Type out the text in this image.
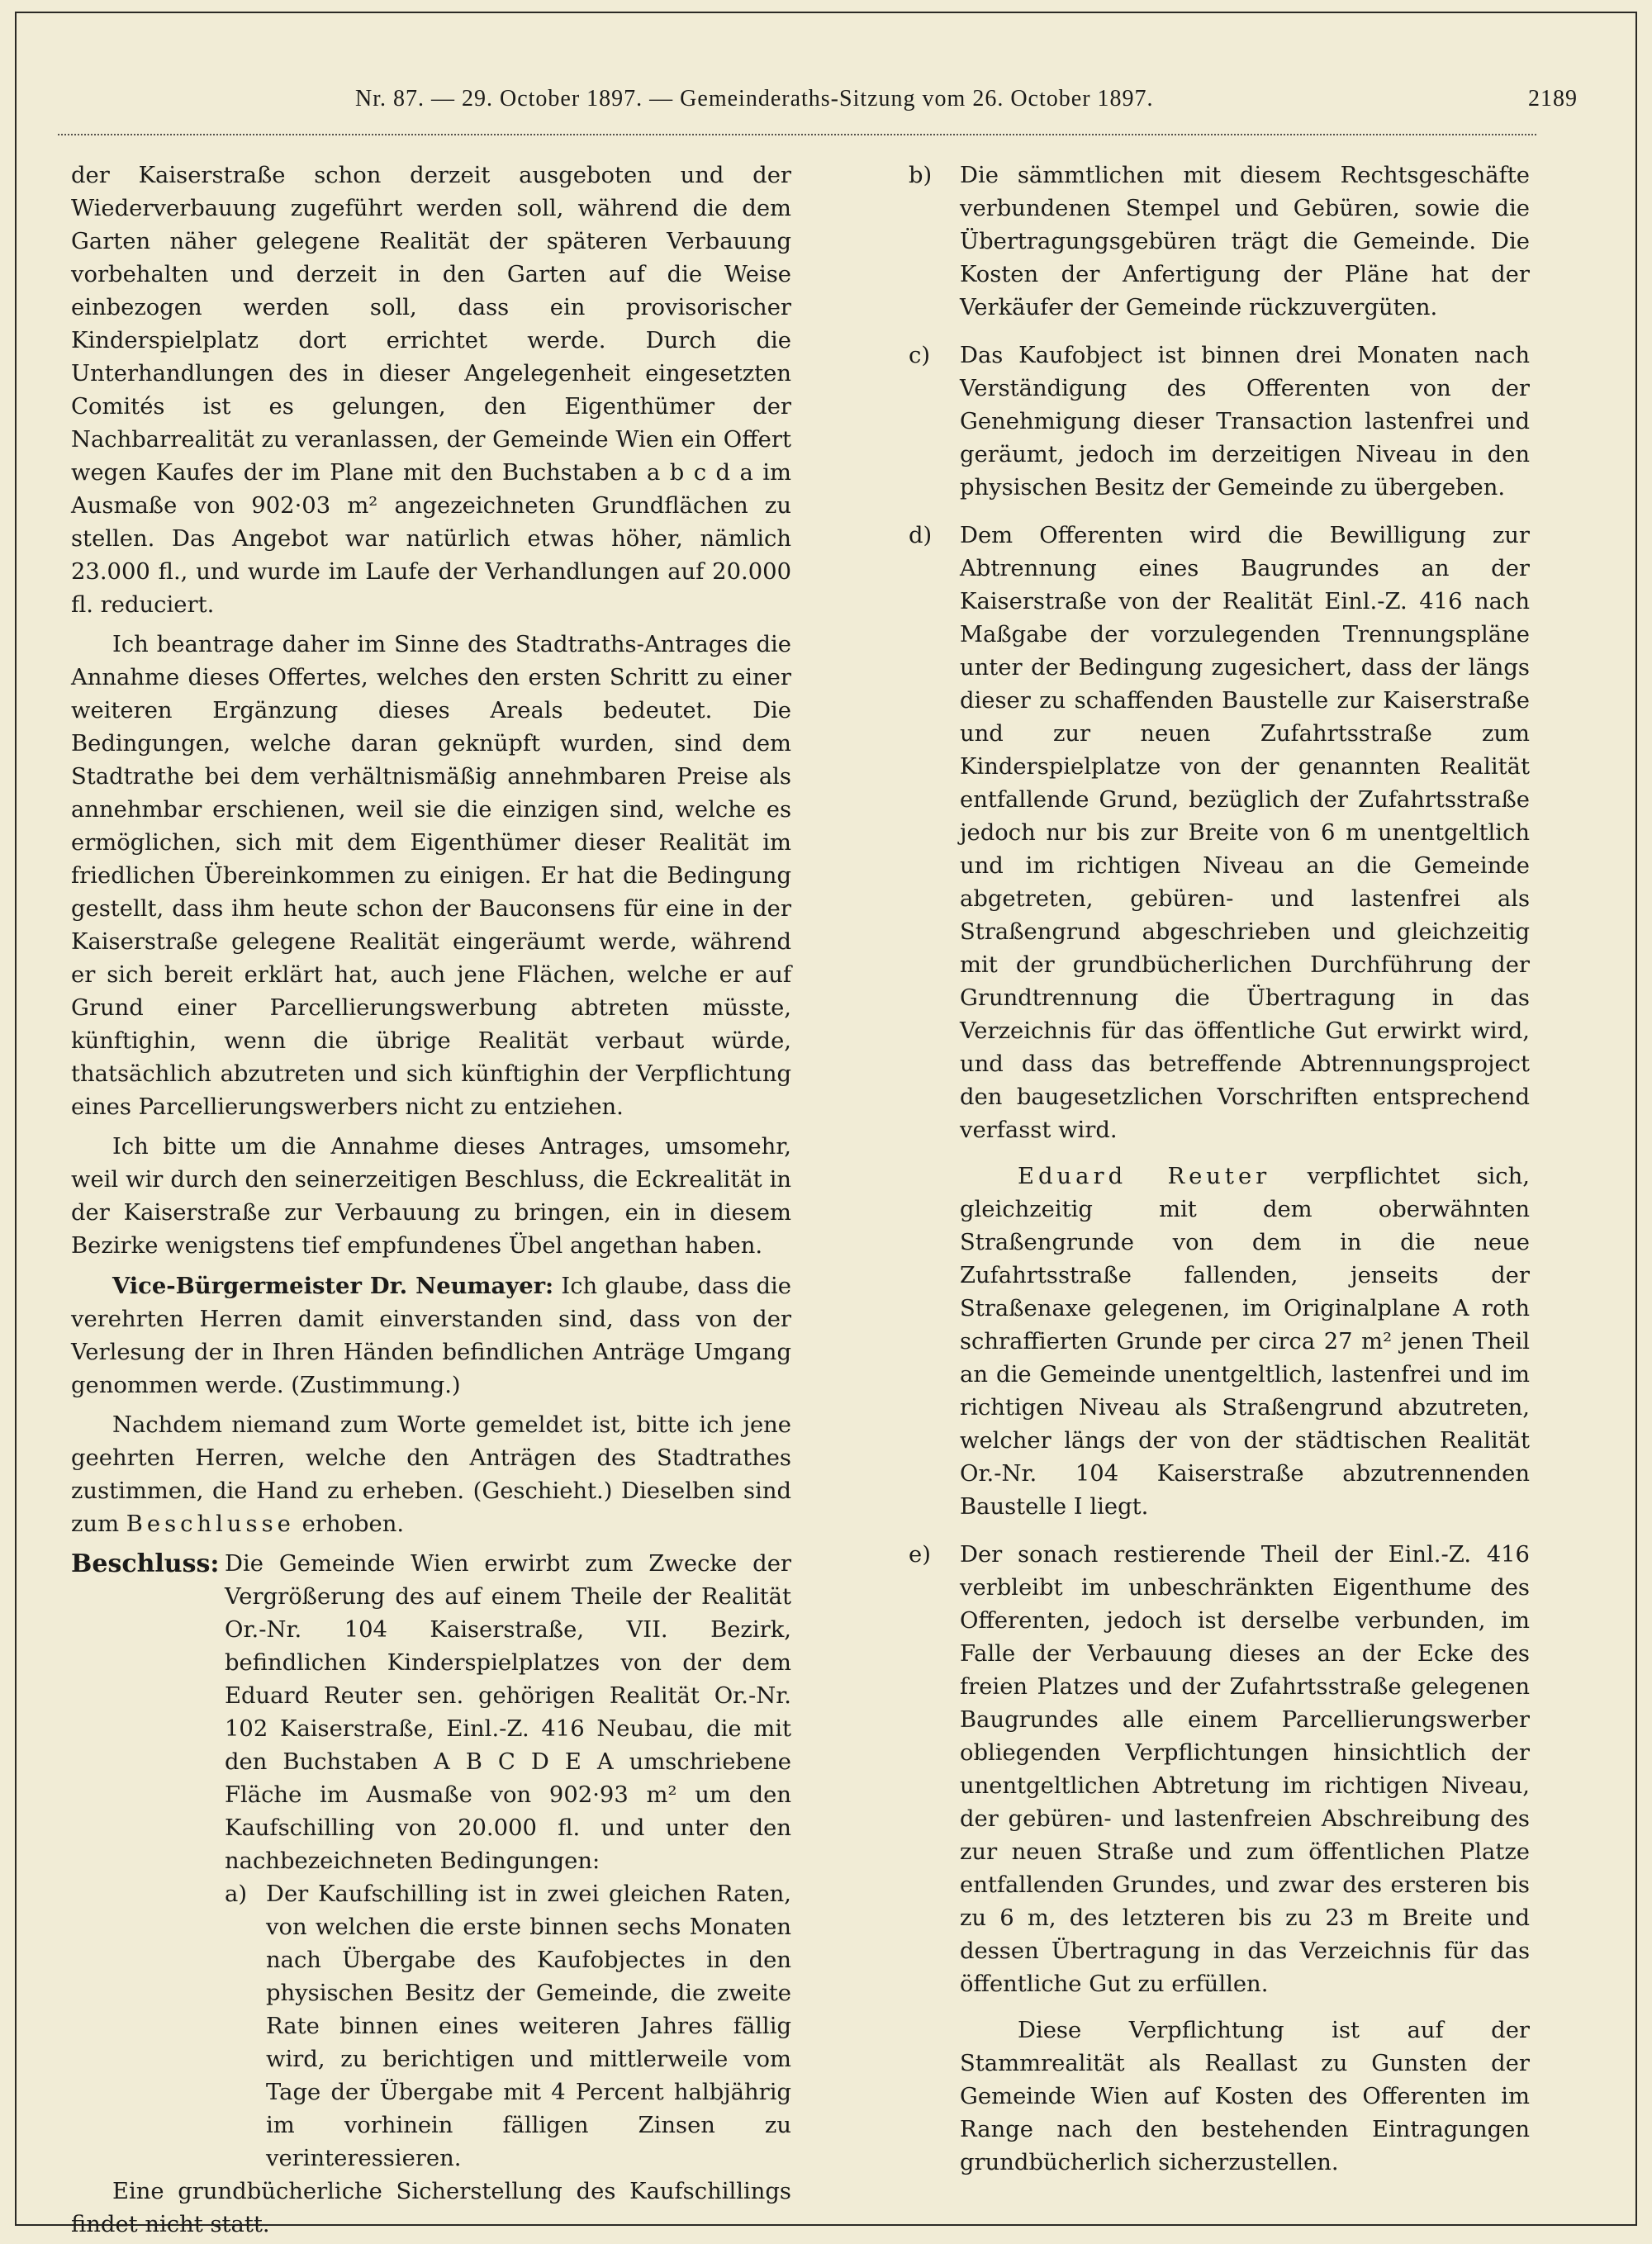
Nr. 87. — 29. October 1897. — Gemeinderaths-Sitzung vom 26. October 1897.	2189

der Kaiserstraße schon derzeit ausgeboten und der Wiederverbauung zugeführt werden soll, während die dem Garten näher gelegene Realität der späteren Verbauung vorbehalten und derzeit in den Garten auf die Weise einbezogen werden soll, dass ein provisorischer Kinderspielplatz dort errichtet werde. Durch die Unterhandlungen des in dieser Angelegenheit eingesetzten Comités ist es gelungen, den Eigenthümer der Nachbarrealität zu veranlassen, der Gemeinde Wien ein Offert wegen Kaufes der im Plane mit den Buchstaben a b c d a im Ausmaße von 902·03 m² angezeichneten Grundflächen zu stellen. Das Angebot war natürlich etwas höher, nämlich 23.000 fl., und wurde im Laufe der Verhandlungen auf 20.000 fl. reduciert.

Ich beantrage daher im Sinne des Stadtraths-Antrages die Annahme dieses Offertes, welches den ersten Schritt zu einer weiteren Ergänzung dieses Areals bedeutet. Die Bedingungen, welche daran geknüpft wurden, sind dem Stadtrathe bei dem verhältnismäßig annehmbaren Preise als annehmbar erschienen, weil sie die einzigen sind, welche es ermöglichen, sich mit dem Eigenthümer dieser Realität im friedlichen Übereinkommen zu einigen. Er hat die Bedingung gestellt, dass ihm heute schon der Bauconsens für eine in der Kaiserstraße gelegene Realität eingeräumt werde, während er sich bereit erklärt hat, auch jene Flächen, welche er auf Grund einer Parcellierungswerbung abtreten müsste, künftighin, wenn die übrige Realität verbaut würde, thatsächlich abzutreten und sich künftighin der Verpflichtung eines Parcellierungswerbers nicht zu entziehen.

Ich bitte um die Annahme dieses Antrages, umsomehr, weil wir durch den seinerzeitigen Beschluss, die Eckrealität in der Kaiserstraße zur Verbauung zu bringen, ein in diesem Bezirke wenigstens tief empfundenes Übel angethan haben.

Vice-Bürgermeister Dr. Neumayer: Ich glaube, dass die verehrten Herren damit einverstanden sind, dass von der Verlesung der in Ihren Händen befindlichen Anträge Umgang genommen werde. (Zustimmung.)

Nachdem niemand zum Worte gemeldet ist, bitte ich jene geehrten Herren, welche den Anträgen des Stadtrathes zustimmen, die Hand zu erheben. (Geschieht.) Dieselben sind zum Beschlusse erhoben.

Beschluss: Die Gemeinde Wien erwirbt zum Zwecke der Vergrößerung des auf einem Theile der Realität Or.-Nr. 104 Kaiserstraße, VII. Bezirk, befindlichen Kinderspielplatzes von der dem Eduard Reuter sen. gehörigen Realität Or.-Nr. 102 Kaiserstraße, Einl.-Z. 416 Neubau, die mit den Buchstaben A B C D E A umschriebene Fläche im Ausmaße von 902·93 m² um den Kaufschilling von 20.000 fl. und unter den nachbezeichneten Bedingungen:
a) Der Kaufschilling ist in zwei gleichen Raten, von welchen die erste binnen sechs Monaten nach Übergabe des Kaufobjectes in den physischen Besitz der Gemeinde, die zweite Rate binnen eines weiteren Jahres fällig wird, zu berichtigen und mittlerweile vom Tage der Übergabe mit 4 Percent halbjährig im vorhinein fälligen Zinsen zu verinteressieren.

Eine grundbücherliche Sicherstellung des Kaufschillings findet nicht statt.

b) Die sämmtlichen mit diesem Rechtsgeschäfte verbundenen Stempel und Gebüren, sowie die Übertragungsgebüren trägt die Gemeinde. Die Kosten der Anfertigung der Pläne hat der Verkäufer der Gemeinde rückzuvergüten.

c) Das Kaufobject ist binnen drei Monaten nach Verständigung des Offerenten von der Genehmigung dieser Transaction lastenfrei und geräumt, jedoch im derzeitigen Niveau in den physischen Besitz der Gemeinde zu übergeben.

d) Dem Offerenten wird die Bewilligung zur Abtrennung eines Baugrundes an der Kaiserstraße von der Realität Einl.-Z. 416 nach Maßgabe der vorzulegenden Trennungspläne unter der Bedingung zugesichert, dass der längs dieser zu schaffenden Baustelle zur Kaiserstraße und zur neuen Zufahrtsstraße zum Kinderspielplatze von der genannten Realität entfallende Grund, bezüglich der Zufahrtsstraße jedoch nur bis zur Breite von 6 m unentgeltlich und im richtigen Niveau an die Gemeinde abgetreten, gebüren- und lastenfrei als Straßengrund abgeschrieben und gleichzeitig mit der grundbücherlichen Durchführung der Grundtrennung die Übertragung in das Verzeichnis für das öffentliche Gut erwirkt wird, und dass das betreffende Abtrennungsproject den baugesetzlichen Vorschriften entsprechend verfasst wird.

Eduard Reuter verpflichtet sich, gleichzeitig mit dem oberwähnten Straßengrunde von dem in die neue Zufahrtsstraße fallenden, jenseits der Straßenaxe gelegenen, im Originalplane A roth schraffierten Grunde per circa 27 m² jenen Theil an die Gemeinde unentgeltlich, lastenfrei und im richtigen Niveau als Straßengrund abzutreten, welcher längs der von der städtischen Realität Or.-Nr. 104 Kaiserstraße abzutrennenden Baustelle I liegt.

e) Der sonach restierende Theil der Einl.-Z. 416 verbleibt im unbeschränkten Eigenthume des Offerenten, jedoch ist derselbe verbunden, im Falle der Verbauung dieses an der Ecke des freien Platzes und der Zufahrtsstraße gelegenen Baugrundes alle einem Parcellierungswerber obliegenden Verpflichtungen hinsichtlich der unentgeltlichen Abtretung im richtigen Niveau, der gebüren- und lastenfreien Abschreibung des zur neuen Straße und zum öffentlichen Platze entfallenden Grundes, und zwar des ersteren bis zu 6 m, des letzteren bis zu 23 m Breite und dessen Übertragung in das Verzeichnis für das öffentliche Gut zu erfüllen.

Diese Verpflichtung ist auf der Stammrealität als Reallast zu Gunsten der Gemeinde Wien auf Kosten des Offerenten im Range nach den bestehenden Eintragungen grundbücherlich sicherzustellen.
